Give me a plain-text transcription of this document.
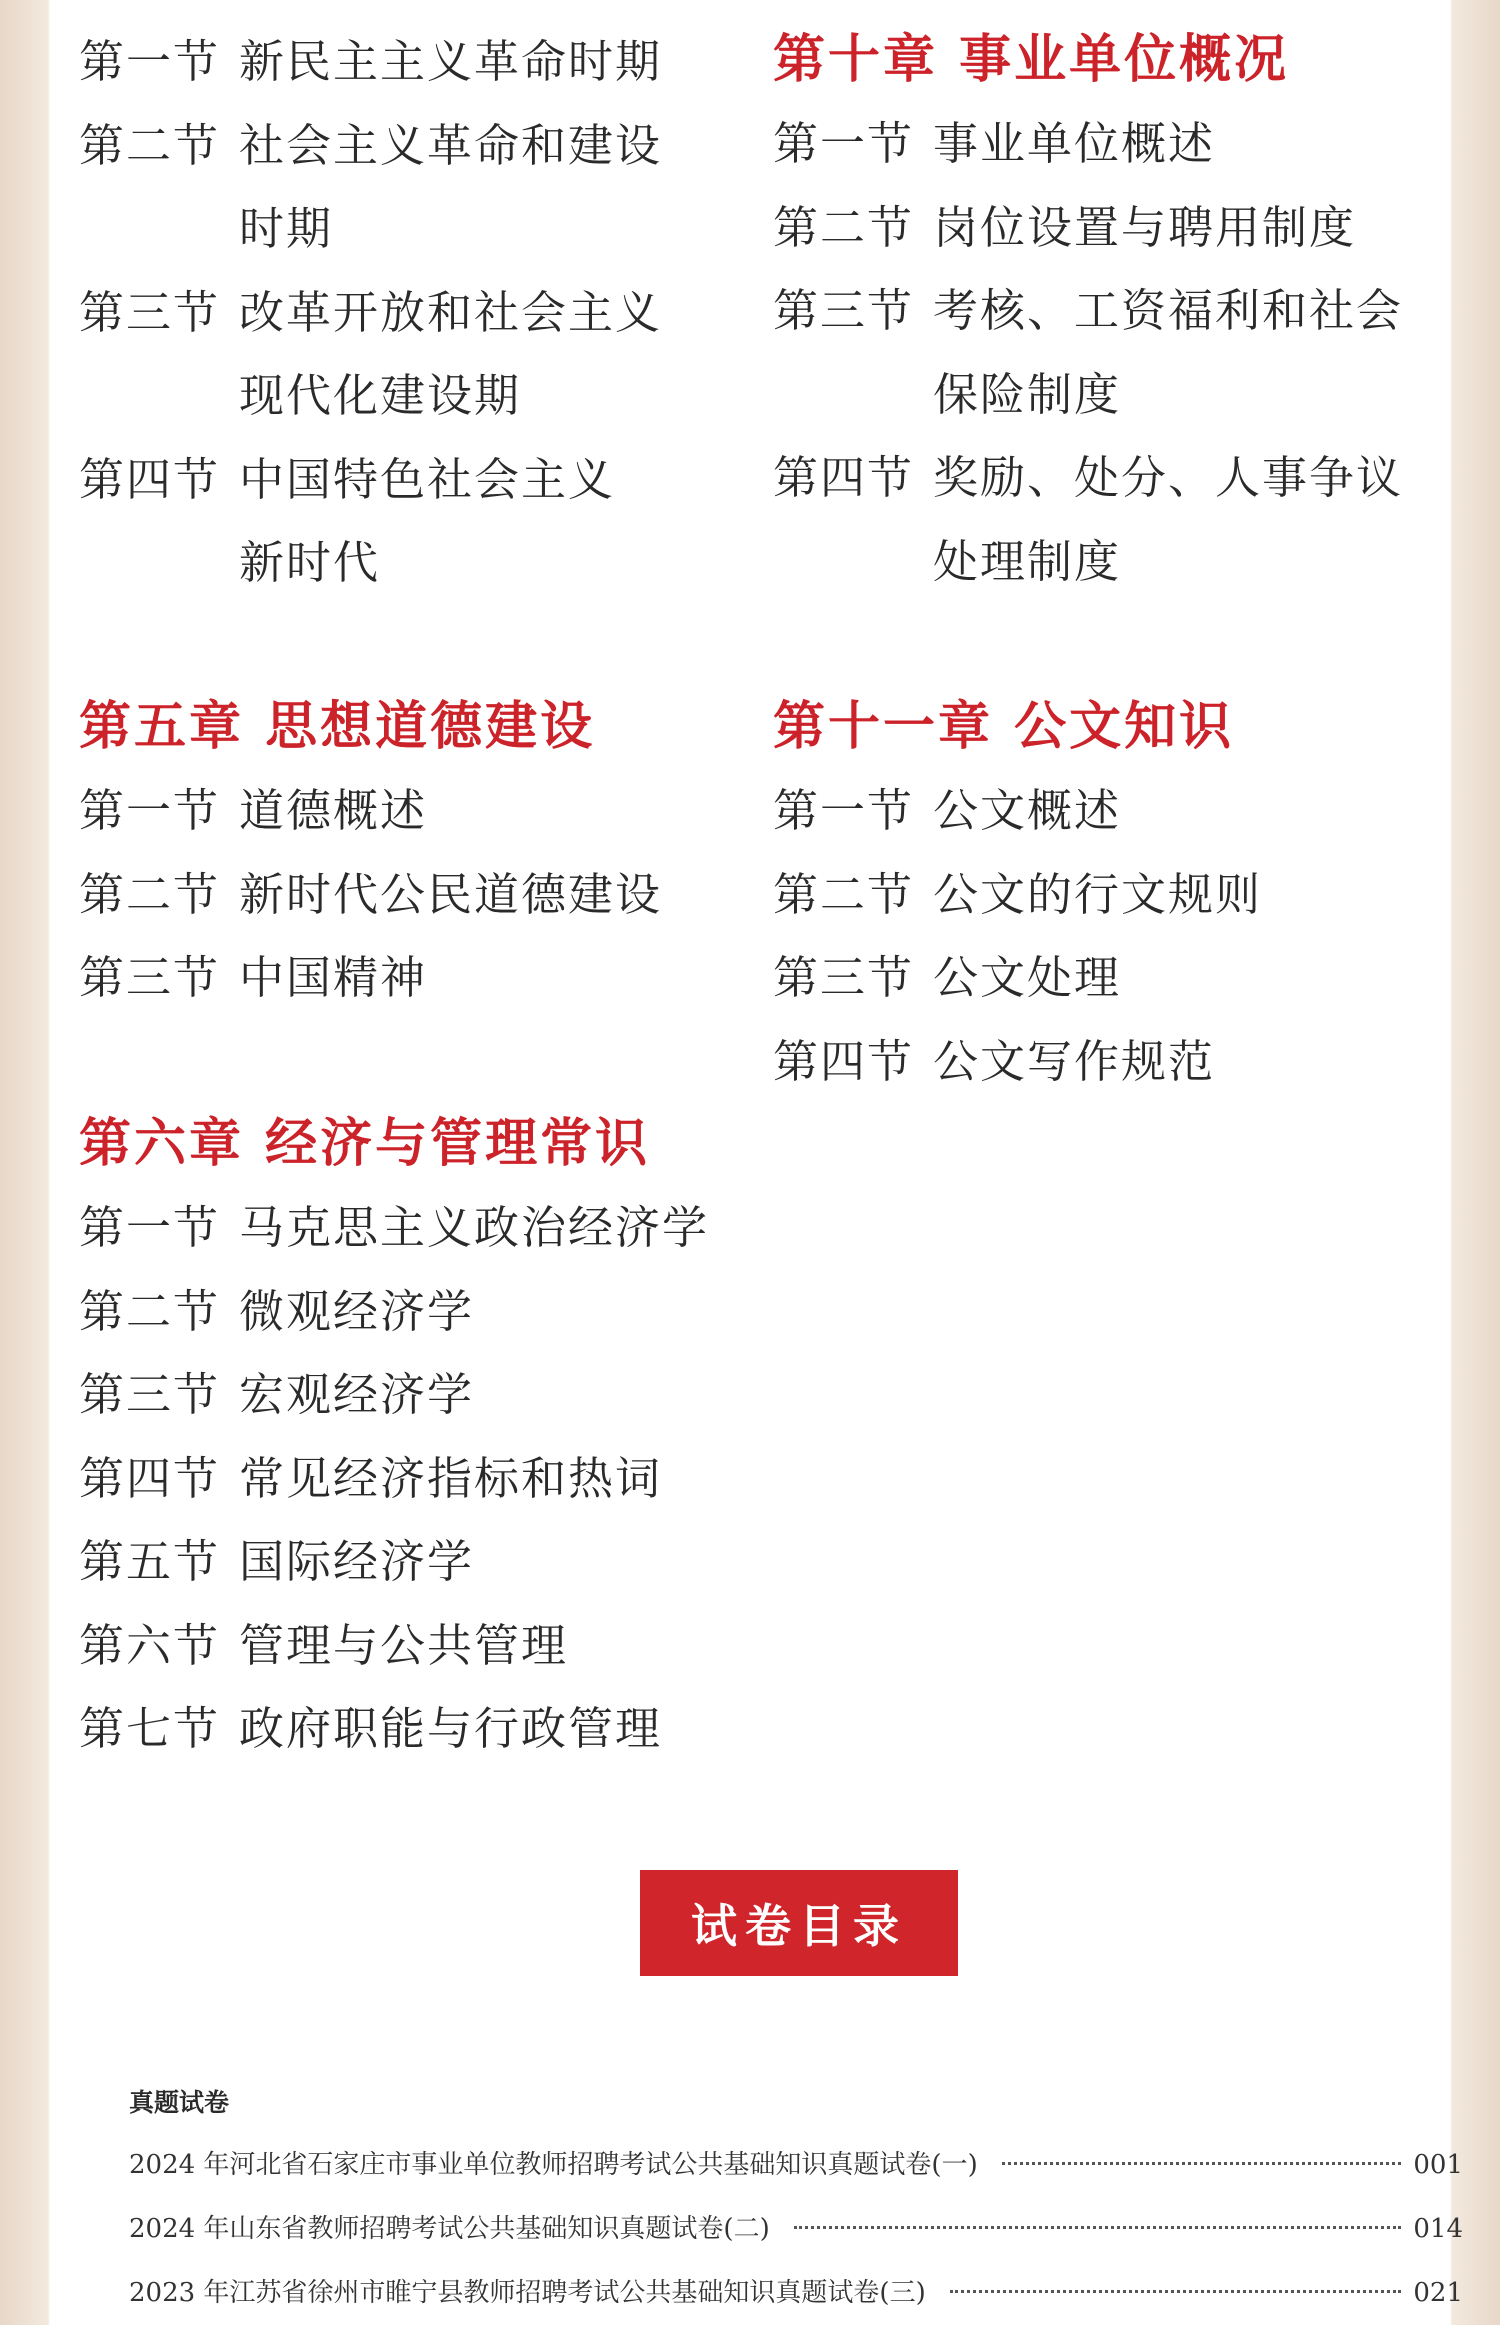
第一节 新民主主义革命时期
第二节 社会主义革命和建设时期
第三节 改革开放和社会主义现代化建设期
第四节 中国特色社会主义新时代
第五章 思想道德建设
第一节 道德概述
第二节 新时代公民道德建设
第三节 中国精神
第六章 经济与管理常识
第一节 马克思主义政治经济学
第二节 微观经济学
第三节 宏观经济学
第四节 常见经济指标和热词
第五节 国际经济学
第六节 管理与公共管理
第七节 政府职能与行政管理
第十章 事业单位概况
第一节 事业单位概述
第二节 岗位设置与聘用制度
第三节 考核、工资福利和社会保险制度
第四节 奖励、处分、人事争议处理制度
第十一章 公文知识
第一节 公文概述
第二节 公文的行文规则
第三节 公文处理
第四节 公文写作规范
试卷目录
真题试卷
2024 年河北省石家庄市事业单位教师招聘考试公共基础知识真题试卷(一)	001
2024 年山东省教师招聘考试公共基础知识真题试卷(二)	014
2023 年江苏省徐州市睢宁县教师招聘考试公共基础知识真题试卷(三)	021
